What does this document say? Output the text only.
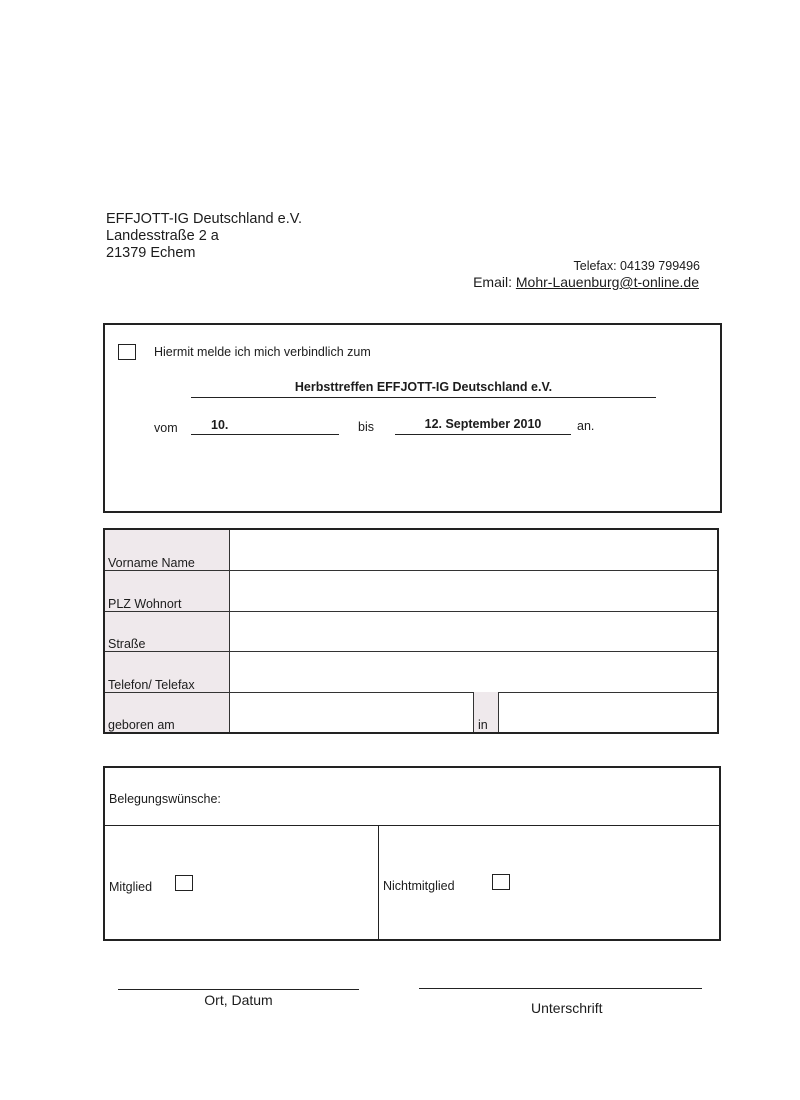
EFFJOTT-IG Deutschland e.V.
Landesstraße 2 a
21379 Echem
Telefax: 04139 799496
Email: Mohr-Lauenburg@t-online.de
Hiermit melde ich mich verbindlich zum
Herbsttreffen EFFJOTT-IG Deutschland e.V.
vom	10.	bis	12. September 2010	an.
Vorname Name
PLZ Wohnort
Straße
Telefon/ Telefax
geboren am	in
Belegungswünsche:
Mitglied	Nichtmitglied
Ort, Datum	Unterschrift
